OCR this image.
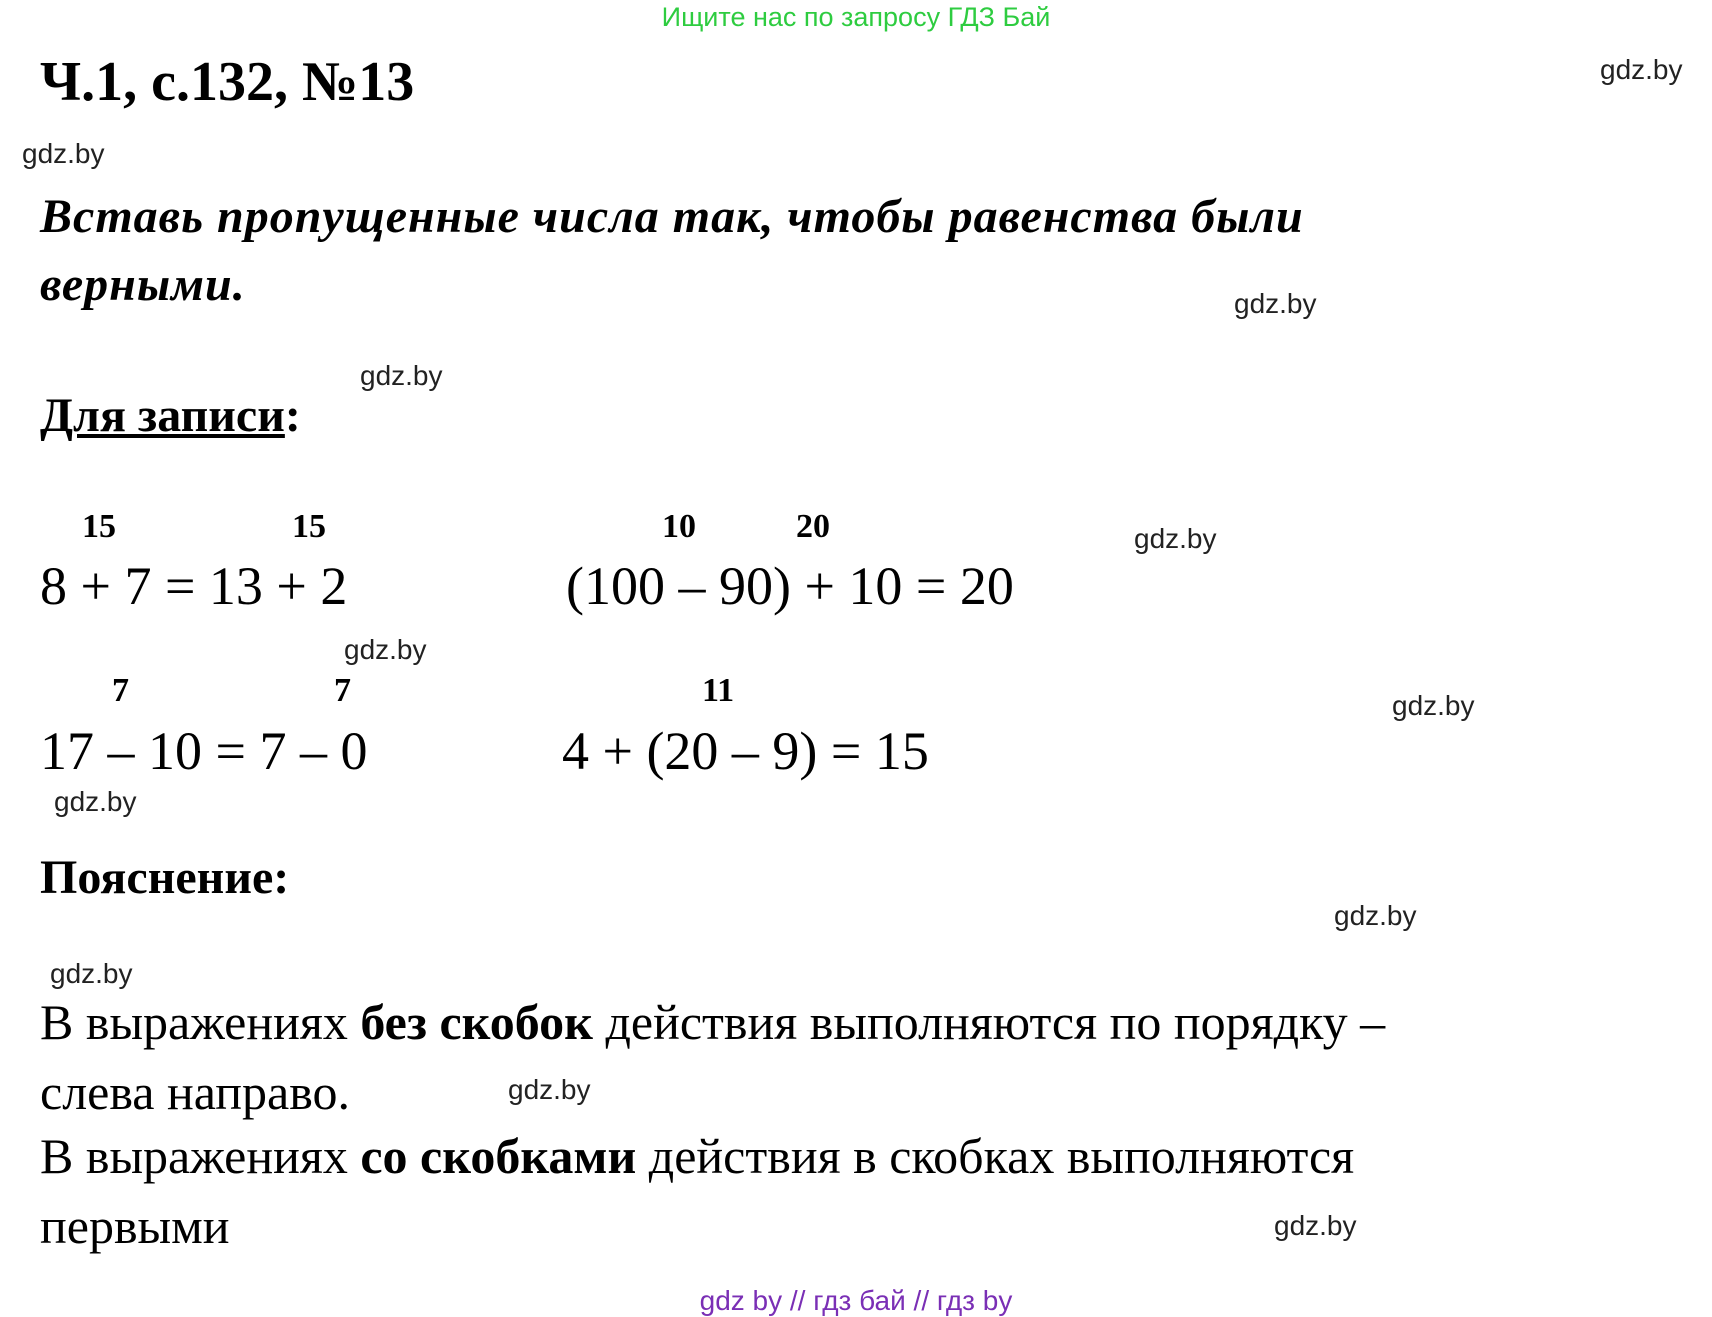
Ищите нас по запросу ГДЗ Бай
Ч.1, с.132, №13
Вставь пропущенные числа так, чтобы равенства были
верными.
Для записи:
15	15
8 + 7 = 13 + 2
10	20
(100 – 90) + 10 = 20
7	7
17 – 10 = 7 – 0
11
4 + (20 – 9) = 15
Пояснение:
В выражениях без скобок действия выполняются по порядку –
слева направо.
В выражениях со скобками действия в скобках выполняются
первыми
gdz.by
gdz.by
gdz.by
gdz.by
gdz.by
gdz.by
gdz.by
gdz.by
gdz.by
gdz.by
gdz.by
gdz.by
gdz by // гдз бай // гдз by
